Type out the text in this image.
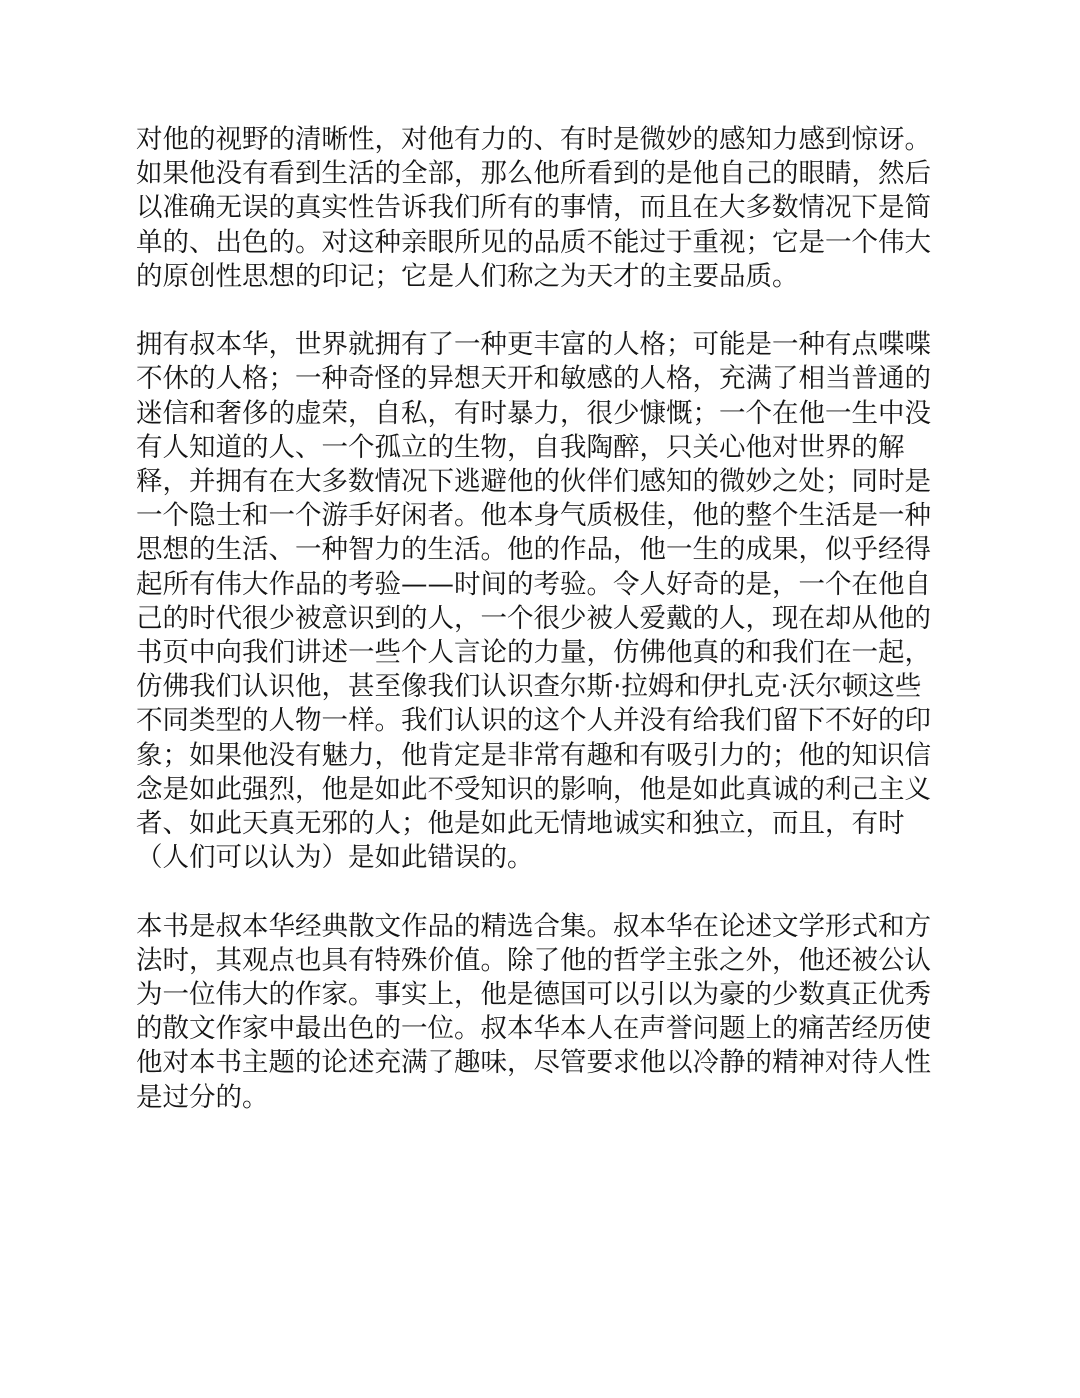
对他的视野的清晰性，对他有力的、有时是微妙的感知力感到惊讶。
如果他没有看到生活的全部，那么他所看到的是他自己的眼睛，然后
以准确无误的真实性告诉我们所有的事情，而且在大多数情况下是简
单的、出色的。对这种亲眼所见的品质不能过于重视；它是一个伟大
的原创性思想的印记；它是人们称之为天才的主要品质。

拥有叔本华，世界就拥有了一种更丰富的人格；可能是一种有点喋喋
不休的人格；一种奇怪的异想天开和敏感的人格，充满了相当普通的
迷信和奢侈的虚荣，自私，有时暴力，很少慷慨；一个在他一生中没
有人知道的人、一个孤立的生物，自我陶醉，只关心他对世界的解
释，并拥有在大多数情况下逃避他的伙伴们感知的微妙之处；同时是
一个隐士和一个游手好闲者。他本身气质极佳，他的整个生活是一种
思想的生活、一种智力的生活。他的作品，他一生的成果，似乎经得
起所有伟大作品的考验——时间的考验。令人好奇的是，一个在他自
己的时代很少被意识到的人，一个很少被人爱戴的人，现在却从他的
书页中向我们讲述一些个人言论的力量，仿佛他真的和我们在一起，
仿佛我们认识他，甚至像我们认识查尔斯·拉姆和伊扎克·沃尔顿这些
不同类型的人物一样。我们认识的这个人并没有给我们留下不好的印
象；如果他没有魅力，他肯定是非常有趣和有吸引力的；他的知识信
念是如此强烈，他是如此不受知识的影响，他是如此真诚的利己主义
者、如此天真无邪的人；他是如此无情地诚实和独立，而且，有时
（人们可以认为）是如此错误的。

本书是叔本华经典散文作品的精选合集。叔本华在论述文学形式和方
法时，其观点也具有特殊价值。除了他的哲学主张之外，他还被公认
为一位伟大的作家。事实上，他是德国可以引以为豪的少数真正优秀
的散文作家中最出色的一位。叔本华本人在声誉问题上的痛苦经历使
他对本书主题的论述充满了趣味，尽管要求他以冷静的精神对待人性
是过分的。
